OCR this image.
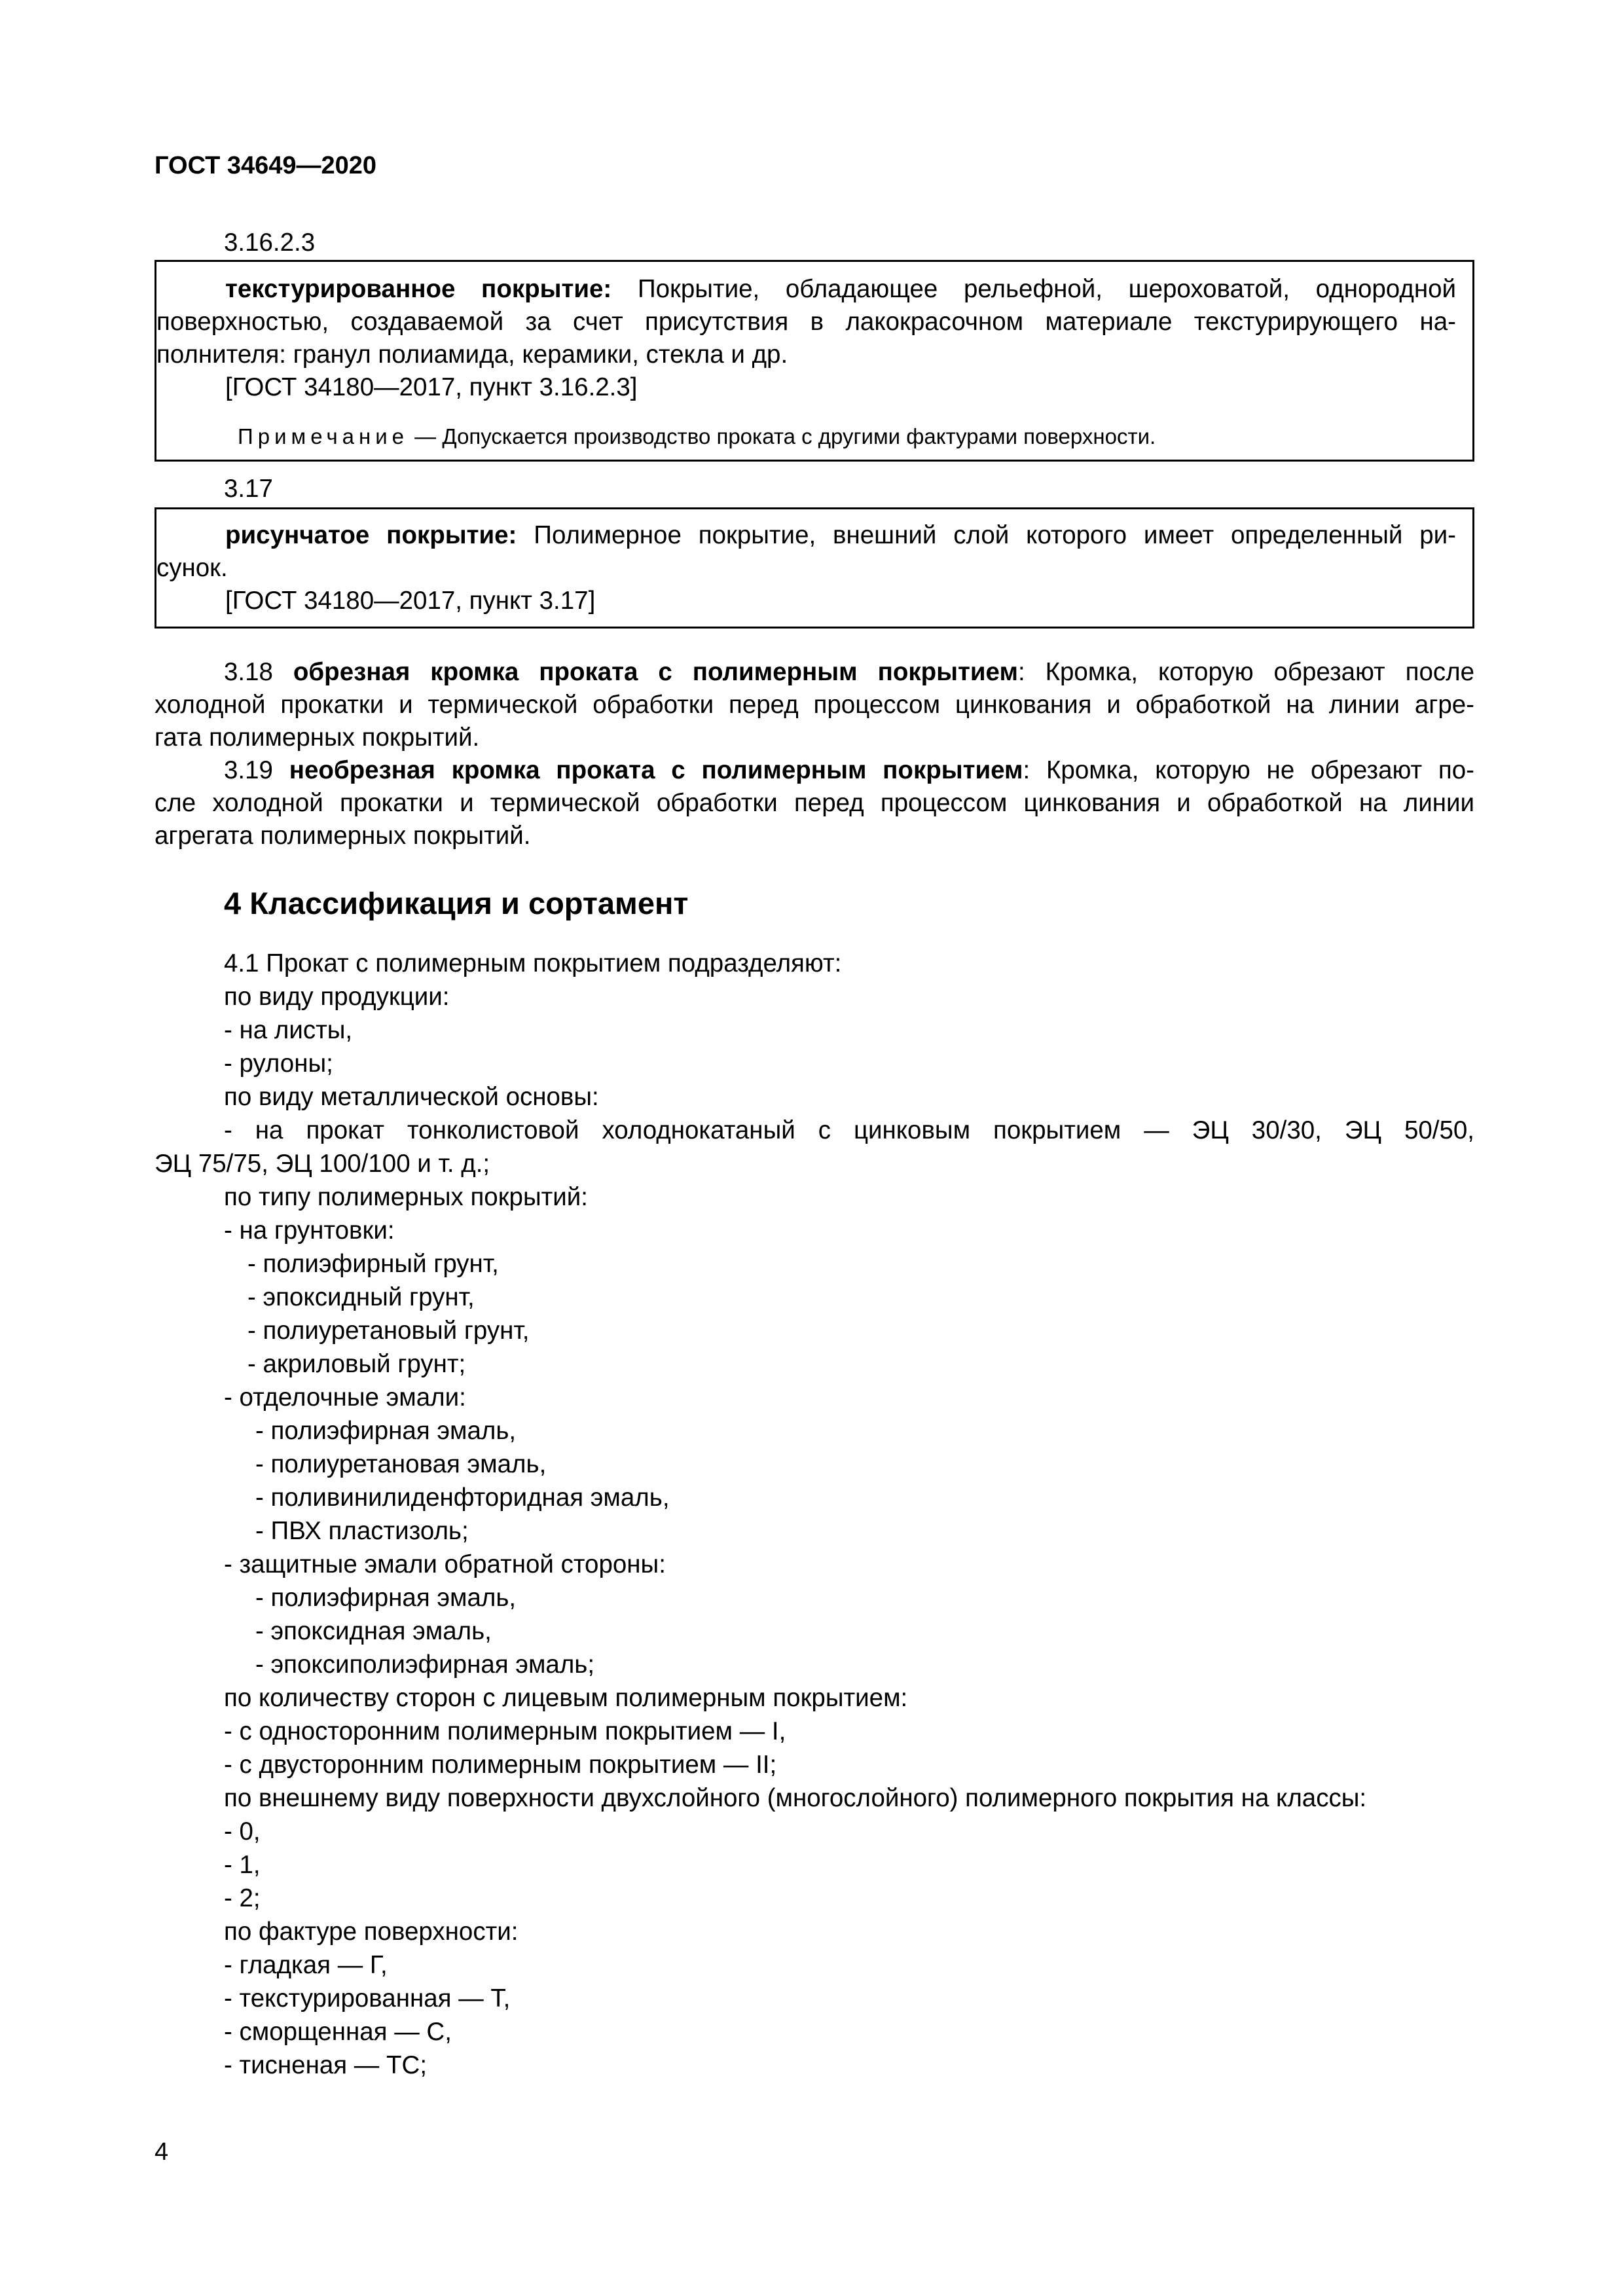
ГОСТ 34649—2020

3.16.2.3

текстурированное покрытие: Покрытие, обладающее рельефной, шероховатой, однородной

поверхностью, создаваемой за счет присутствия в лакокрасочном материале текстурирующего на-

полнителя: гранул полиамида, керамики, стекла и др.

[ГОСТ 34180—2017, пункт 3.16.2.3]

Примечание — Допускается производство проката с другими фактурами поверхности.

3.17

рисунчатое покрытие: Полимерное покрытие, внешний слой которого имеет определенный ри-

сунок.

[ГОСТ 34180—2017, пункт 3.17]

3.18 обрезная кромка проката с полимерным покрытием: Кромка, которую обрезают после

холодной прокатки и термической обработки перед процессом цинкования и обработкой на линии агре-

гата полимерных покрытий.

3.19 необрезная кромка проката с полимерным покрытием: Кромка, которую не обрезают по-

сле холодной прокатки и термической обработки перед процессом цинкования и обработкой на линии

агрегата полимерных покрытий.

4 Классификация и сортамент

4.1 Прокат с полимерным покрытием подразделяют:

по виду продукции:

- на листы,

- рулоны;

по виду металлической основы:

- на прокат тонколистовой холоднокатаный с цинковым покрытием — ЭЦ 30/30, ЭЦ 50/50,

ЭЦ 75/75, ЭЦ 100/100 и т. д.;

по типу полимерных покрытий:

- на грунтовки:

- полиэфирный грунт,

- эпоксидный грунт,

- полиуретановый грунт,

- акриловый грунт;

- отделочные эмали:

- полиэфирная эмаль,

- полиуретановая эмаль,

- поливинилиденфторидная эмаль,

- ПВХ пластизоль;

- защитные эмали обратной стороны:

- полиэфирная эмаль,

- эпоксидная эмаль,

- эпоксиполиэфирная эмаль;

по количеству сторон с лицевым полимерным покрытием:

- с односторонним полимерным покрытием — I,

- с двусторонним полимерным покрытием — II;

по внешнему виду поверхности двухслойного (многослойного) полимерного покрытия на классы:

- 0,

- 1,

- 2;

по фактуре поверхности:

- гладкая — Г,

- текстурированная — Т,

- сморщенная — С,

- тисненая — ТС;

4
